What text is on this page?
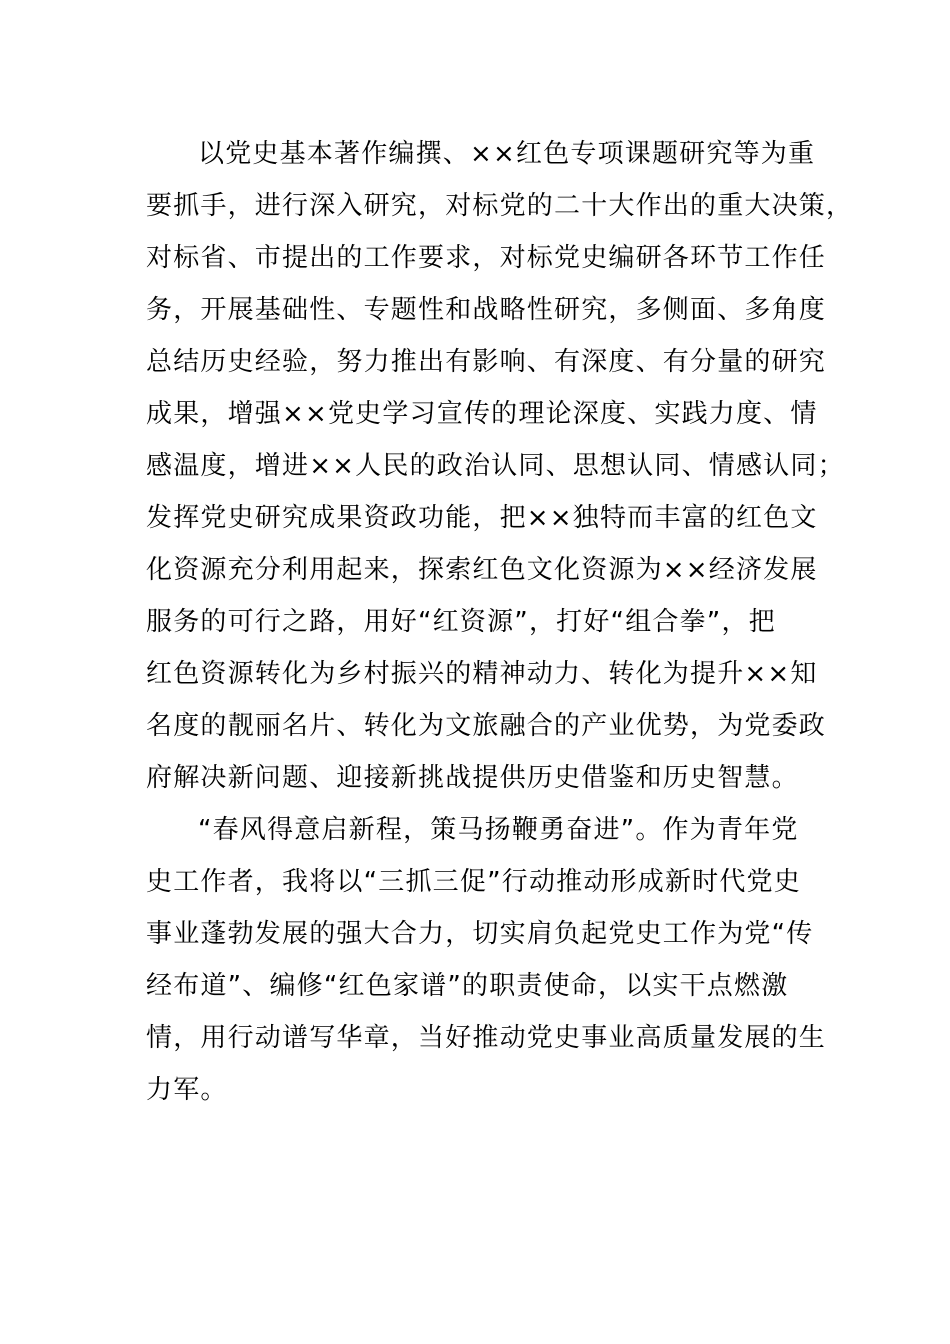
以党史基本著作编撰、××红色专项课题研究等为重
要抓手，进行深入研究，对标党的二十大作出的重大决策，
对标省、市提出的工作要求，对标党史编研各环节工作任
务，开展基础性、专题性和战略性研究，多侧面、多角度
总结历史经验，努力推出有影响、有深度、有分量的研究
成果，增强××党史学习宣传的理论深度、实践力度、情
感温度，增进××人民的政治认同、思想认同、情感认同；
发挥党史研究成果资政功能，把××独特而丰富的红色文
化资源充分利用起来，探索红色文化资源为××经济发展
服务的可行之路，用好“红资源”，打好“组合拳”，把
红色资源转化为乡村振兴的精神动力、转化为提升××知
名度的靓丽名片、转化为文旅融合的产业优势，为党委政
府解决新问题、迎接新挑战提供历史借鉴和历史智慧。
“春风得意启新程，策马扬鞭勇奋进”。作为青年党
史工作者，我将以“三抓三促”行动推动形成新时代党史
事业蓬勃发展的强大合力，切实肩负起党史工作为党“传
经布道”、编修“红色家谱”的职责使命，以实干点燃激
情，用行动谱写华章，当好推动党史事业高质量发展的生
力军。
